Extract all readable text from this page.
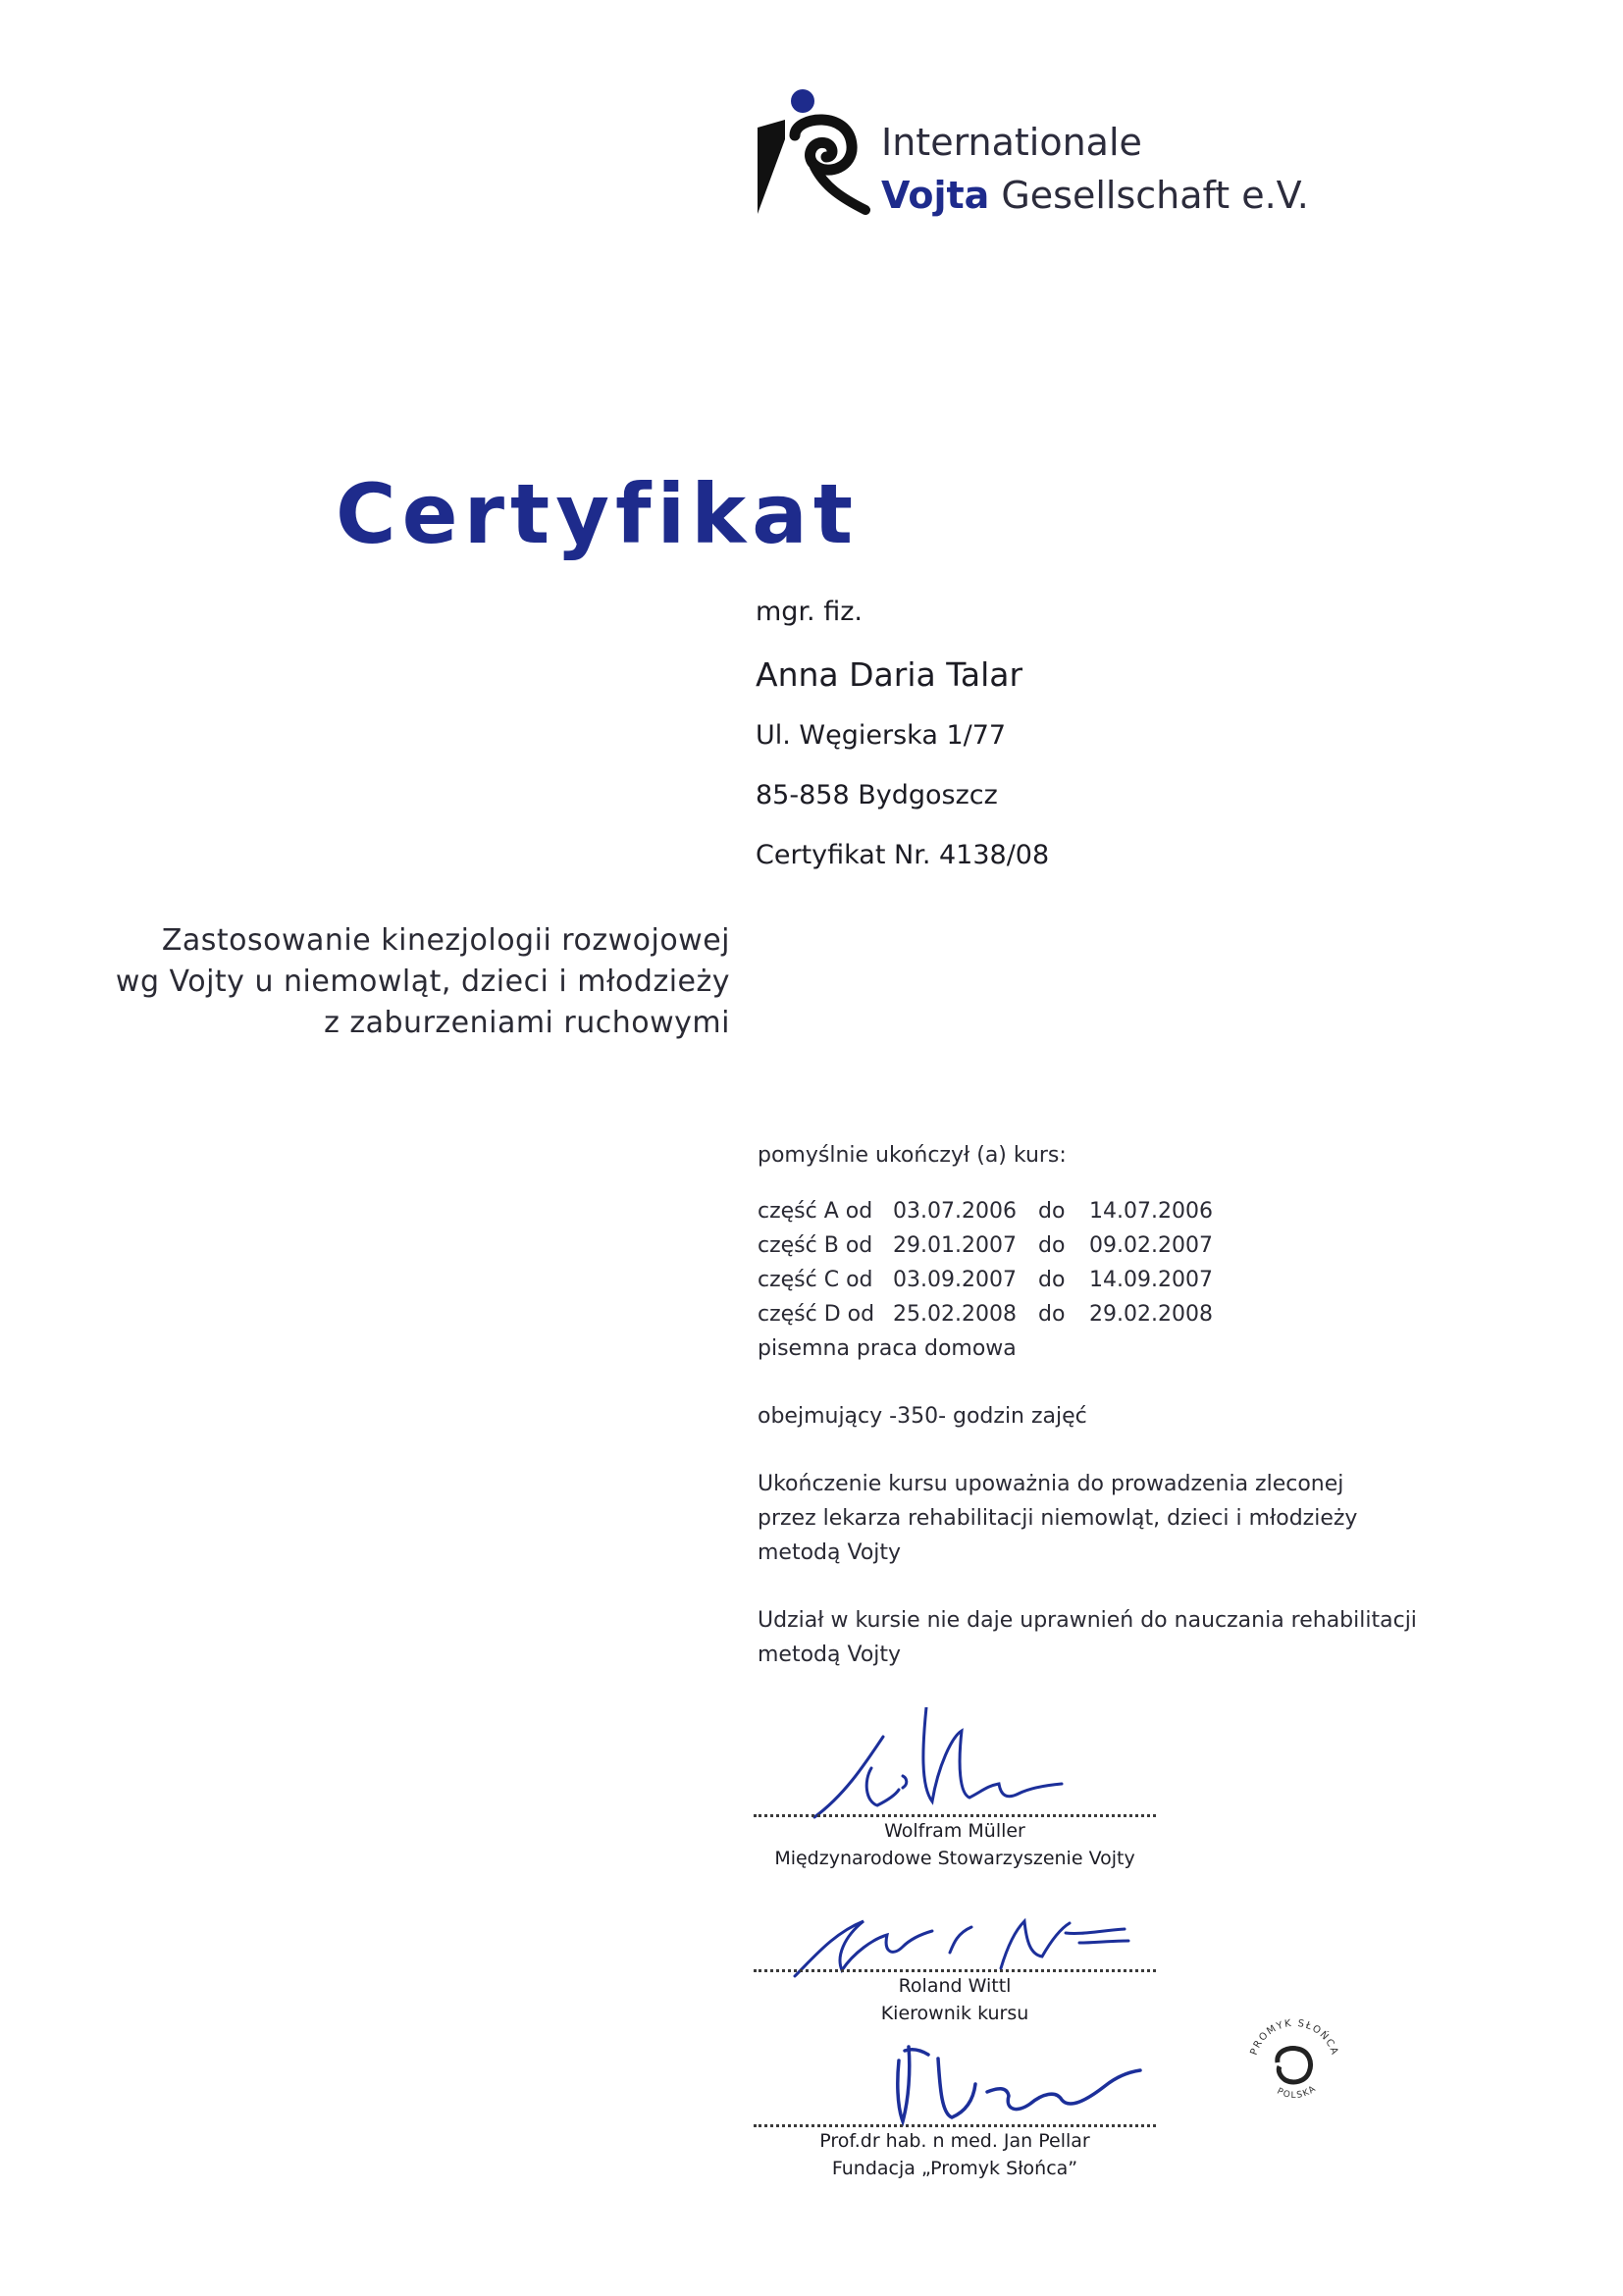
Internationale
Vojta Gesellschaft e.V.
Certyfikat
mgr. fiz.
Anna Daria Talar
Ul. Węgierska 1/77
85-858 Bydgoszcz
Certyfikat Nr. 4138/08
Zastosowanie kinezjologii rozwojowej
wg Vojty u niemowląt, dzieci i młodzieży
z zaburzeniami ruchowymi
pomyślnie ukończył (a) kurs:
część A od 03.07.2006 do 14.07.2006
część B od 29.01.2007 do 09.02.2007
część C od 03.09.2007 do 14.09.2007
część D od 25.02.2008 do 29.02.2008
pisemna praca domowa
obejmujący -350- godzin zajęć
Ukończenie kursu upoważnia do prowadzenia zleconej
przez lekarza rehabilitacji niemowląt, dzieci i młodzieży
metodą Vojty
Udział w kursie nie daje uprawnień do nauczania rehabilitacji
metodą Vojty
Wolfram Müller
Międzynarodowe Stowarzyszenie Vojty
Roland Wittl
Kierownik kursu
Prof.dr hab. n med. Jan Pellar
Fundacja „Promyk Słońca”
PROMYK SŁOŃCA
POLSKA
